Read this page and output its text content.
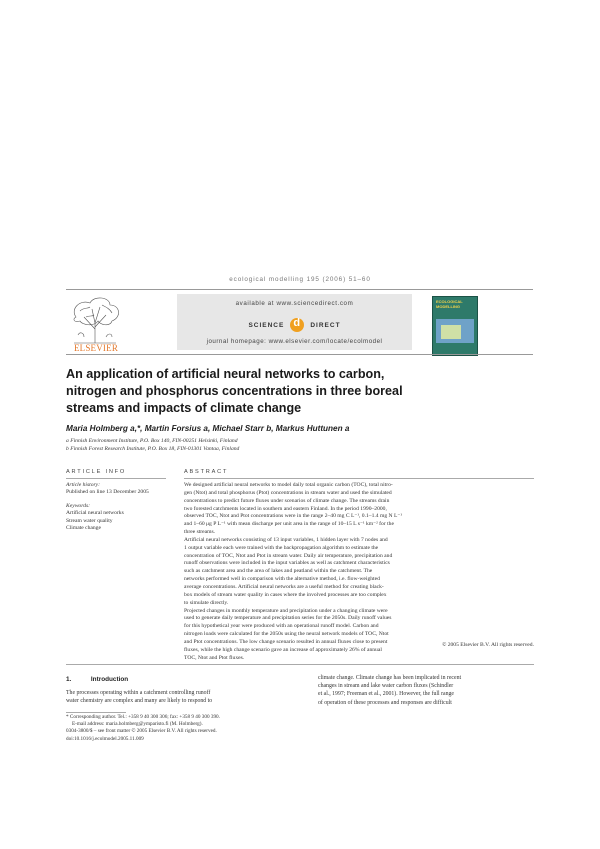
ecological modelling 195 (2006) 51–60
ELSEVIER
available at www.sciencedirect.com
SCIENCE d DIRECT
journal homepage: www.elsevier.com/locate/ecolmodel
ECOLOGICAL MODELLING
An application of artificial neural networks to carbon,
nitrogen and phosphorus concentrations in three boreal
streams and impacts of climate change
Maria Holmberg a,*, Martin Forsius a, Michael Starr b, Markus Huttunen a
a Finnish Environment Institute, P.O. Box 140, FIN-00251 Helsinki, Finland
b Finnish Forest Research Institute, P.O. Box 18, FIN-01301 Vantaa, Finland
ARTICLE INFO
Article history:
Published on line 13 December 2005
Keywords:
Artificial neural networks
Stream water quality
Climate change
ABSTRACT
We designed artificial neural networks to model daily total organic carbon (TOC), total nitro-
gen (Ntot) and total phosphorus (Ptot) concentrations in stream water and used the simulated
concentrations to predict future fluxes under scenarios of climate change. The streams drain
two forested catchments located in southern and eastern Finland. In the period 1990–2000,
observed TOC, Ntot and Ptot concentrations were in the range 2–40 mg C L⁻¹, 0.1–1.4 mg N L⁻¹
and 1–60 μg P L⁻¹ with mean discharge per unit area in the range of 10–15 L s⁻¹ km⁻² for the
three streams.
Artificial neural networks consisting of 13 input variables, 1 hidden layer with 7 nodes and
1 output variable each were trained with the backpropagation algorithm to estimate the
concentration of TOC, Ntot and Ptot in stream water. Daily air temperature, precipitation and
runoff observations were included in the input variables as well as catchment characteristics
such as catchment area and the area of lakes and peatland within the catchment. The
networks performed well in comparison with the alternative method, i.e. flow-weighted
average concentrations. Artificial neural networks are a useful method for creating black-
box models of stream water quality in cases where the involved processes are too complex
to simulate directly.
Projected changes in monthly temperature and precipitation under a changing climate were
used to generate daily temperature and precipitation series for the 2050s. Daily runoff values
for this hypothetical year were produced with an operational runoff model. Carbon and
nitrogen loads were calculated for the 2050s using the neural network models of TOC, Ntot
and Ptot concentrations. The low change scenario resulted in annual fluxes close to present
fluxes, while the high change scenario gave an increase of approximately 26% of annual
TOC, Ntot and Ptot fluxes.
© 2005 Elsevier B.V. All rights reserved.
1.	Introduction
The processes operating within a catchment controlling runoff
water chemistry are complex and many are likely to respond to
climate change. Climate change has been implicated in recent
changes in stream and lake water carbon fluxes (Schindler
et al., 1997; Freeman et al., 2001). However, the full range
of operation of these processes and responses are difficult
* Corresponding author. Tel.: +358 9 40 300 306; fax: +358 9 40 300 390.
E-mail address: maria.holmberg@ymparisto.fi (M. Holmberg).
0304-3800/$ – see front matter © 2005 Elsevier B.V. All rights reserved.
doi:10.1016/j.ecolmodel.2005.11.009
